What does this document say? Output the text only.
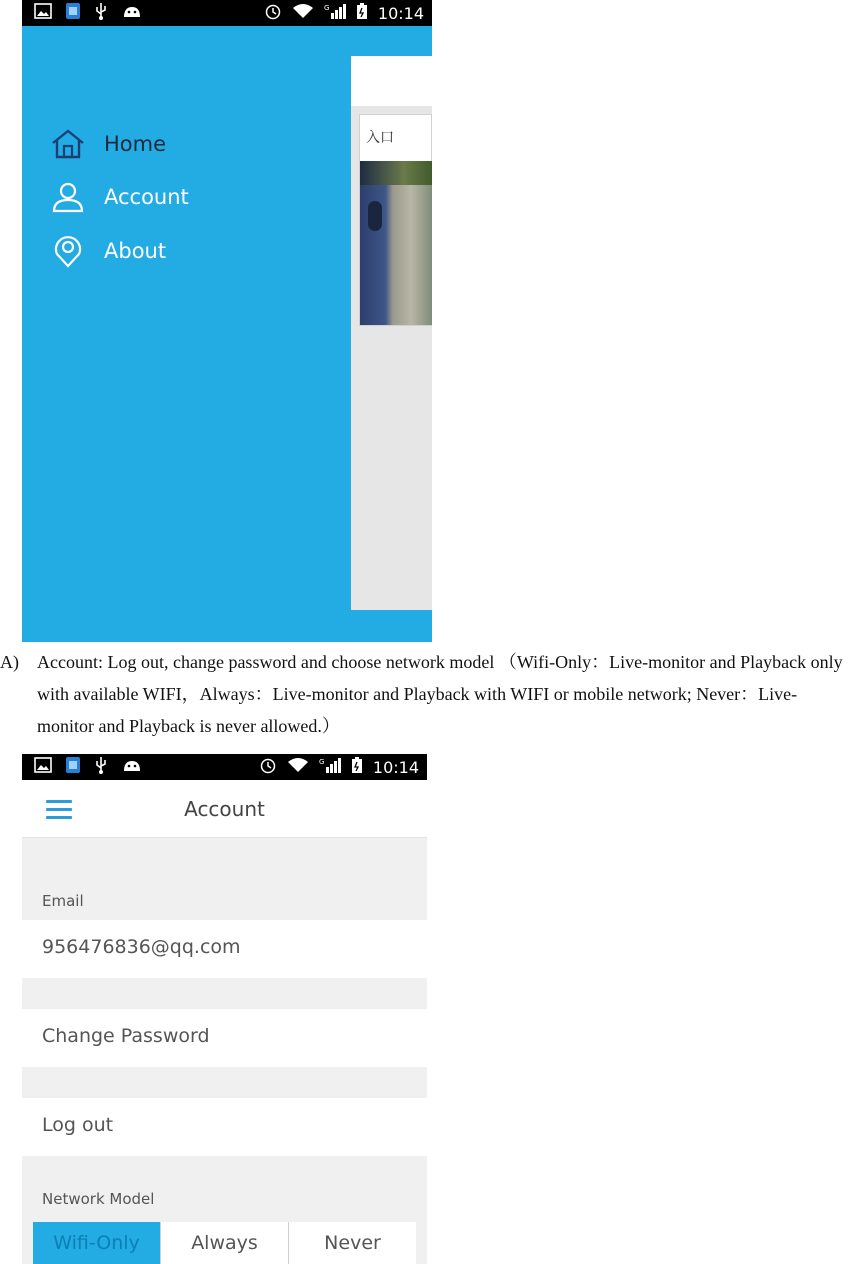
G	10:14
入口
Home
Account
About
A) Account: Log out, change password and choose network model （Wifi-Only：Live-monitor and Playback only with available WIFI，Always：Live-monitor and Playback with WIFI or mobile network; Never：Live-monitor and Playback is never allowed.）
G	10:14
Account
Email
956476836@qq.com
Change Password
Log out
Network Model
Wifi-Only	Always	Never
